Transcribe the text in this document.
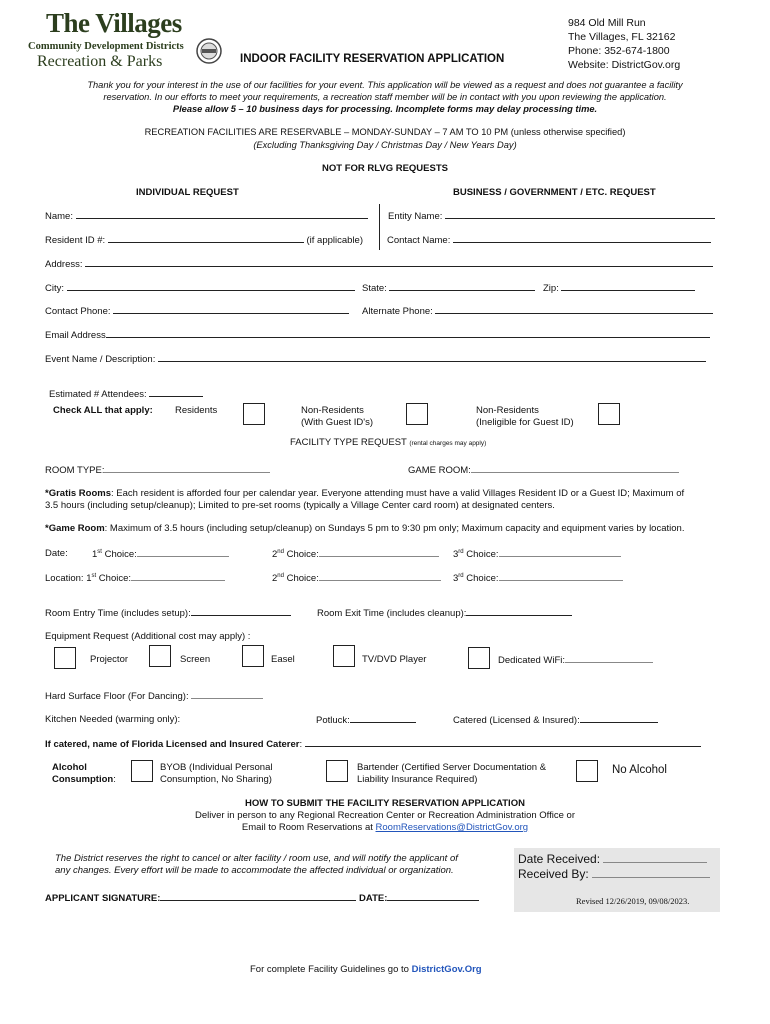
The Villages
Community Development Districts
Recreation & Parks	INDOOR FACILITY RESERVATION APPLICATION
984 Old Mill Run
The Villages, FL 32162
Phone: 352-674-1800
Website: DistrictGov.org
Thank you for your interest in the use of our facilities for your event. This application will be viewed as a request and does not guarantee a facility
reservation. In our efforts to meet your requirements, a recreation staff member will be in contact with you upon reviewing the application.
Please allow 5 – 10 business days for processing. Incomplete forms may delay processing time.
RECREATION FACILITIES ARE RESERVABLE – MONDAY-SUNDAY – 7 AM TO 10 PM (unless otherwise specified)
(Excluding Thanksgiving Day / Christmas Day / New Years Day)
NOT FOR RLVG REQUESTS
INDIVIDUAL REQUEST	BUSINESS / GOVERNMENT / ETC. REQUEST
Name:	Entity Name:
Resident ID #:	(if applicable)	Contact Name:
Address:
City:	State:	Zip:
Contact Phone:	Alternate Phone:
Email Address
Event Name / Description:
Estimated # Attendees:
Check ALL that apply: Residents	Non-Residents
(With Guest ID's)
Non-Residents
(Ineligible for Guest ID)
FACILITY TYPE REQUEST (rental charges may apply)
ROOM TYPE:	GAME ROOM:
*Gratis Rooms: Each resident is afforded four per calendar year. Everyone attending must have a valid Villages Resident ID or a Guest ID; Maximum of
3.5 hours (including setup/cleanup); Limited to pre-set rooms (typically a Village Center card room) at designated centers.
*Game Room: Maximum of 3.5 hours (including setup/cleanup) on Sundays 5 pm to 9:30 pm only; Maximum capacity and equipment varies by location.
Date:	1st Choice:	2nd Choice:	3rd Choice:
Location: 1st Choice:	2nd Choice:	3rd Choice:
Room Entry Time (includes setup):	Room Exit Time (includes cleanup):
Equipment Request (Additional cost may apply) :
Projector	Screen	Easel	TV/DVD Player	Dedicated WiFi:
Hard Surface Floor (For Dancing):
Kitchen Needed (warming only):	Potluck:	Catered (Licensed & Insured):
If catered, name of Florida Licensed and Insured Caterer:
Alcohol
Consumption:
BYOB (Individual Personal
Consumption, No Sharing)
Bartender (Certified Server Documentation &
Liability Insurance Required)
No Alcohol
HOW TO SUBMIT THE FACILITY RESERVATION APPLICATION
Deliver in person to any Regional Recreation Center or Recreation Administration Office or
Email to Room Reservations at RoomReservations@DistrictGov.org
The District reserves the right to cancel or alter facility / room use, and will notify the applicant of
any changes. Every effort will be made to accommodate the affected individual or organization.
Date Received:
Received By:
Revised 12/26/2019, 09/08/2023.
APPLICANT SIGNATURE:	DATE:
For complete Facility Guidelines go to DistrictGov.Org
